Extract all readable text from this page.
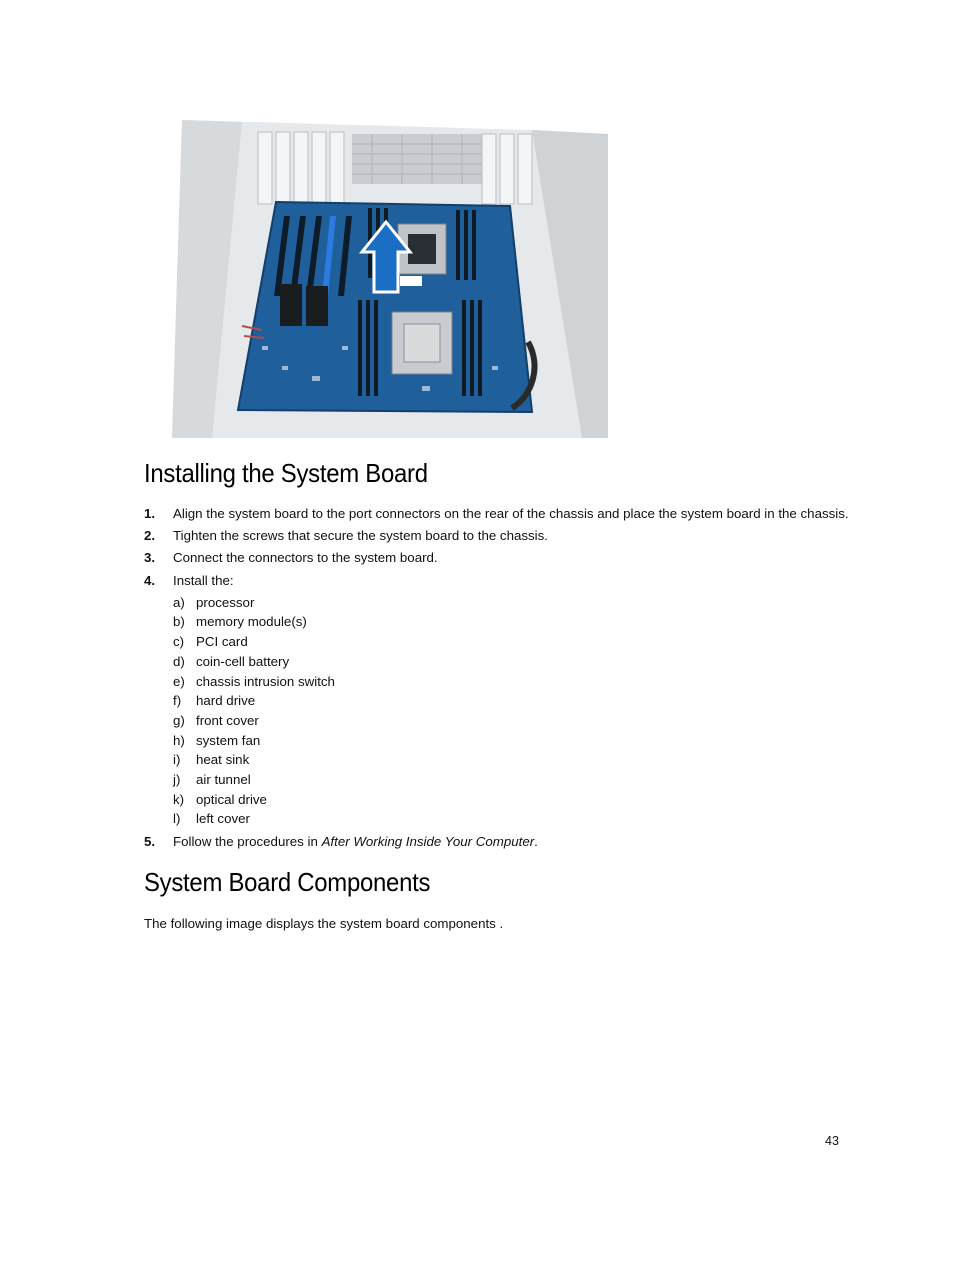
Installing the System Board
1. Align the system board to the port connectors on the rear of the chassis and place the system board in the chassis.
2. Tighten the screws that secure the system board to the chassis.
3. Connect the connectors to the system board.
4. Install the:
a) processor
b) memory module(s)
c) PCI card
d) coin-cell battery
e) chassis intrusion switch
f) hard drive
g) front cover
h) system fan
i) heat sink
j) air tunnel
k) optical drive
l) left cover
5. Follow the procedures in After Working Inside Your Computer.
System Board Components
The following image displays the system board components .
43
